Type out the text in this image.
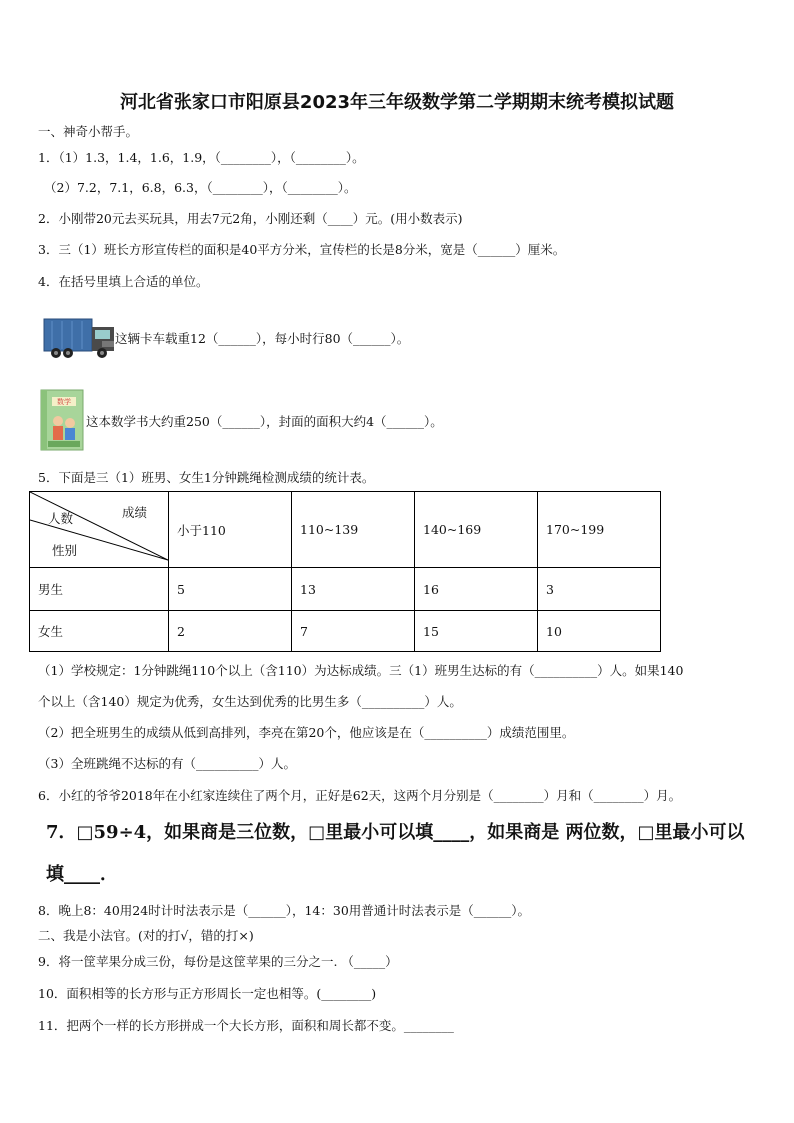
河北省张家口市阳原县2023年三年级数学第二学期期末统考模拟试题
一、神奇小帮手。
1．（1）1.3，1.4，1.6，1.9，（________），（________）。
（2）7.2，7.1，6.8，6.3，（________），（________）。
2．小刚带20元去买玩具，用去7元2角，小刚还剩（____）元。(用小数表示)
3．三（1）班长方形宣传栏的面积是40平方分米，宣传栏的长是8分米，宽是（______）厘米。
4．在括号里填上合适的单位。
这辆卡车载重12（______），每小时行80（______）。
数学
这本数学书大约重250（______），封面的面积大约4（______）。
5．下面是三（1）班男、女生1分钟跳绳检测成绩的统计表。
成绩
人数
性别	小于110	110~139	140~169	170~199
男生	5	13	16	3
女生	2	7	15	10
（1）学校规定：1分钟跳绳110个以上（含110）为达标成绩。三（1）班男生达标的有（__________）人。如果140
个以上（含140）规定为优秀，女生达到优秀的比男生多（__________）人。
（2）把全班男生的成绩从低到高排列，李亮在第20个，他应该是在（__________）成绩范围里。
（3）全班跳绳不达标的有（__________）人。
6．小红的爷爷2018年在小红家连续住了两个月，正好是62天，这两个月分别是（________）月和（________）月。
7．□59÷4，如果商是三位数，□里最小可以填____，如果商是 两位数，□里最小可以
填____．
8．晚上8：40用24时计时法表示是（______），14：30用普通计时法表示是（______）。
二、我是小法官。(对的打√，错的打×)
9．将一筐苹果分成三份，每份是这筐苹果的三分之一. （_____）
10．面积相等的长方形与正方形周长一定也相等。(________)
11．把两个一样的长方形拼成一个大长方形，面积和周长都不变。________
